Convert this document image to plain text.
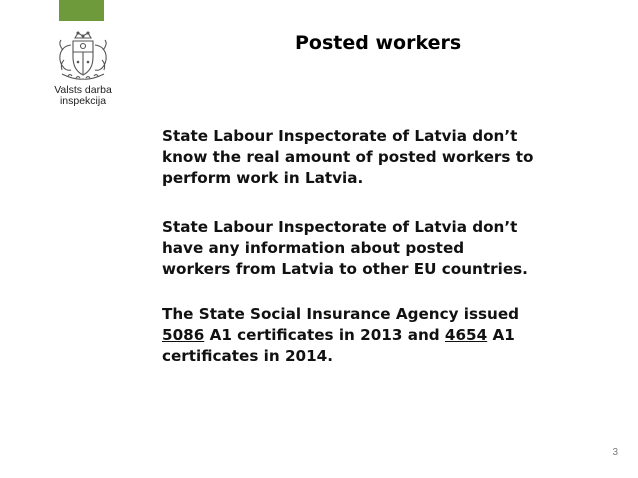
Valsts darba
inspekcija
Posted workers
State Labour Inspectorate of Latvia don’t
know the real amount of posted workers to
perform work in Latvia.
State Labour Inspectorate of Latvia don’t
have any information about posted
workers from Latvia to other EU countries.
The State Social Insurance Agency issued
5086 A1 certificates in 2013 and 4654 A1
certificates in 2014.
3
